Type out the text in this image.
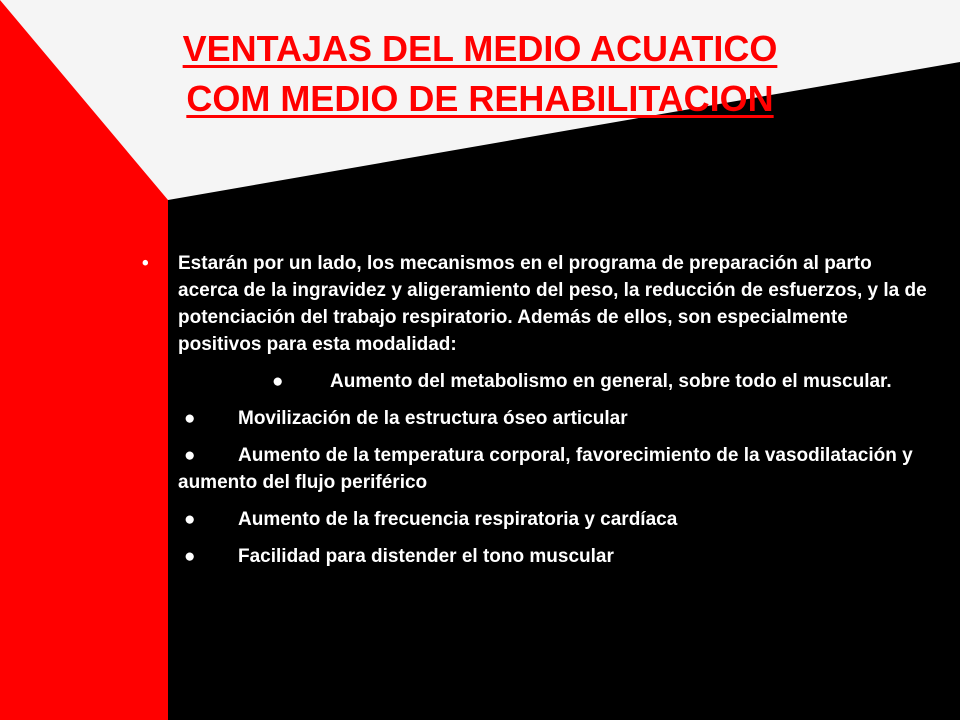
VENTAJAS DEL MEDIO ACUATICO
COM MEDIO DE REHABILITACION

• Estarán por un lado, los mecanismos en el programa de preparación al parto acerca de la ingravidez y aligeramiento del peso, la reducción de esfuerzos, y la de potenciación del trabajo respiratorio. Además de ellos, son especialmente positivos para esta modalidad:

● Aumento del metabolismo en general, sobre todo el muscular.
● Movilización de la estructura óseo articular
● Aumento de la temperatura corporal, favorecimiento de la vasodilatación y aumento del flujo periférico
● Aumento de la frecuencia respiratoria y cardíaca
● Facilidad para distender el tono muscular
